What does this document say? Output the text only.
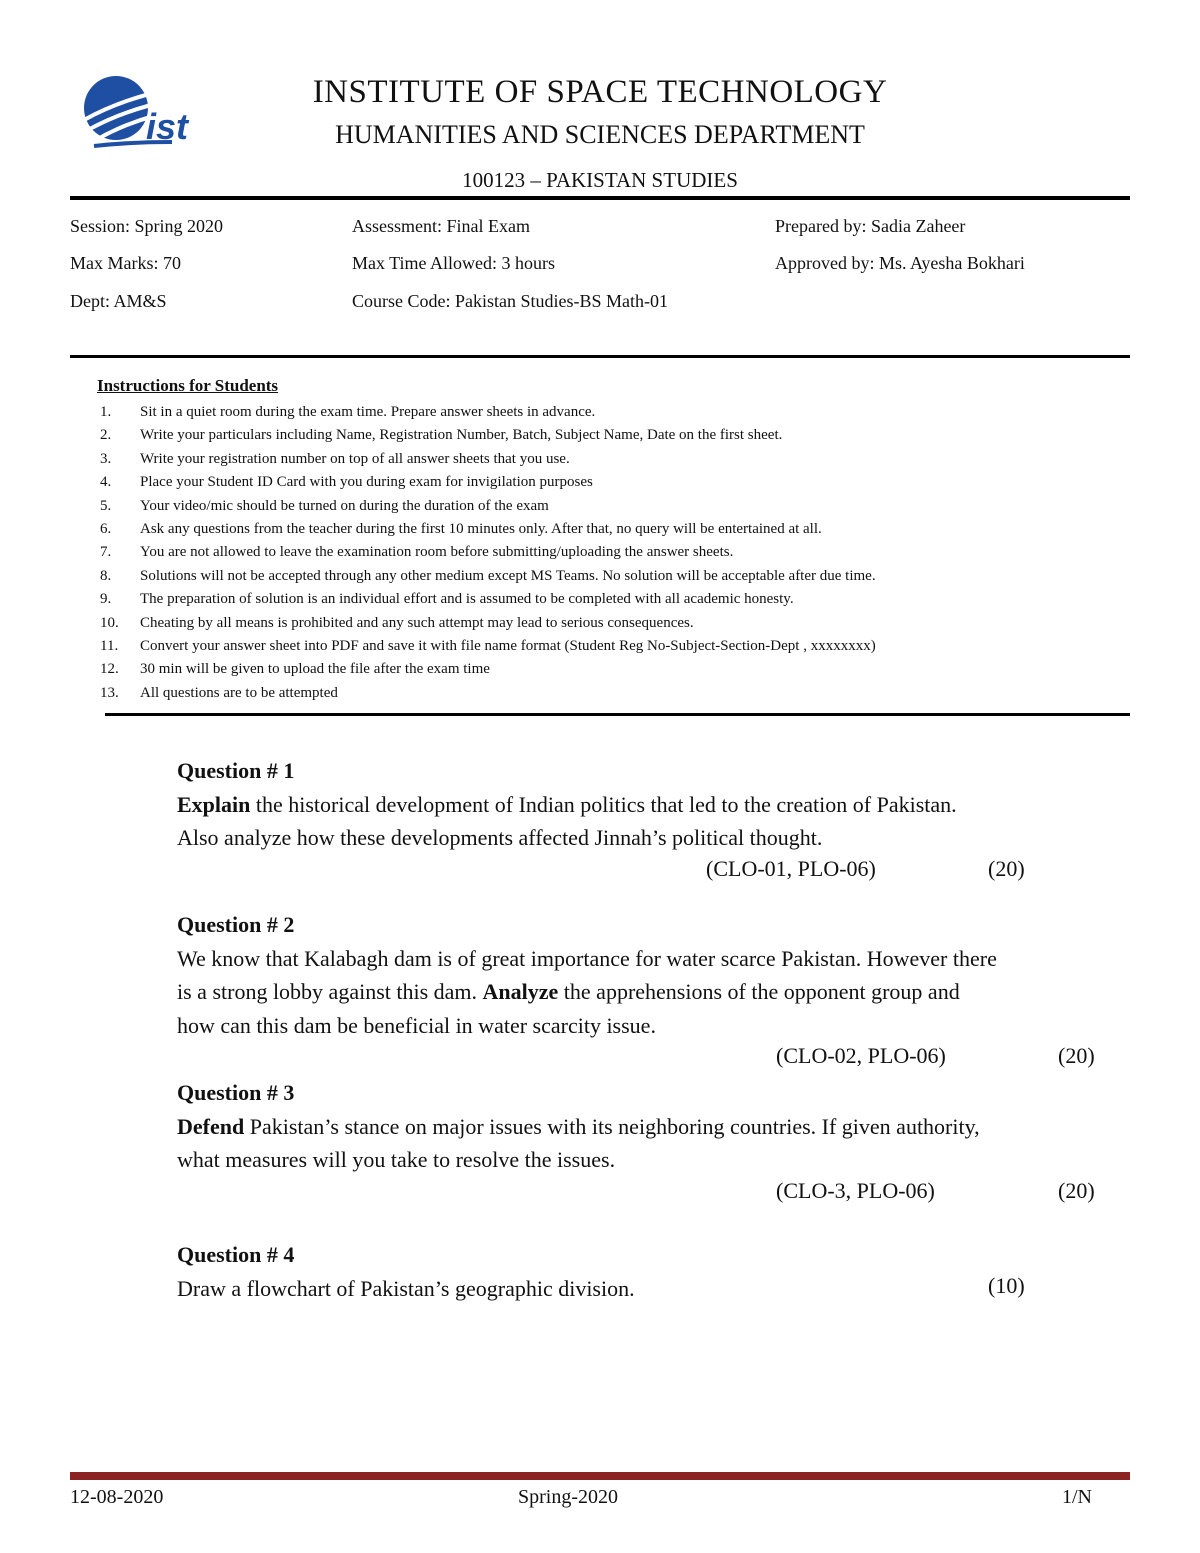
ist
INSTITUTE OF SPACE TECHNOLOGY
HUMANITIES AND SCIENCES DEPARTMENT
100123 – PAKISTAN STUDIES
Session: Spring 2020	Assessment: Final Exam	Prepared by: Sadia Zaheer
Max Marks: 70	Max Time Allowed: 3 hours	Approved by: Ms. Ayesha Bokhari
Dept: AM&S	Course Code: Pakistan Studies-BS Math-01
Instructions for Students
1.	Sit in a quiet room during the exam time. Prepare answer sheets in advance.
2.	Write your particulars including Name, Registration Number, Batch, Subject Name, Date on the first sheet.
3.	Write your registration number on top of all answer sheets that you use.
4.	Place your Student ID Card with you during exam for invigilation purposes
5.	Your video/mic should be turned on during the duration of the exam
6.	Ask any questions from the teacher during the first 10 minutes only. After that, no query will be entertained at all.
7.	You are not allowed to leave the examination room before submitting/uploading the answer sheets.
8.	Solutions will not be accepted through any other medium except MS Teams. No solution will be acceptable after due time.
9.	The preparation of solution is an individual effort and is assumed to be completed with all academic honesty.
10.	Cheating by all means is prohibited and any such attempt may lead to serious consequences.
11.	Convert your answer sheet into PDF and save it with file name format (Student Reg No-Subject-Section-Dept , xxxxxxxx)
12.	30 min will be given to upload the file after the exam time
13.	All questions are to be attempted
Question # 1
Explain the historical development of Indian politics that led to the creation of Pakistan.
Also analyze how these developments affected Jinnah’s political thought.
(CLO-01, PLO-06)	(20)
Question # 2
We know that Kalabagh dam is of great importance for water scarce Pakistan. However there
is a strong lobby against this dam. Analyze the apprehensions of the opponent group and
how can this dam be beneficial in water scarcity issue.
(CLO-02, PLO-06)	(20)
Question # 3
Defend Pakistan’s stance on major issues with its neighboring countries. If given authority,
what measures will you take to resolve the issues.
(CLO-3, PLO-06)	(20)
Question # 4
Draw a flowchart of Pakistan’s geographic division.	(10)
12-08-2020	Spring-2020	1/N
